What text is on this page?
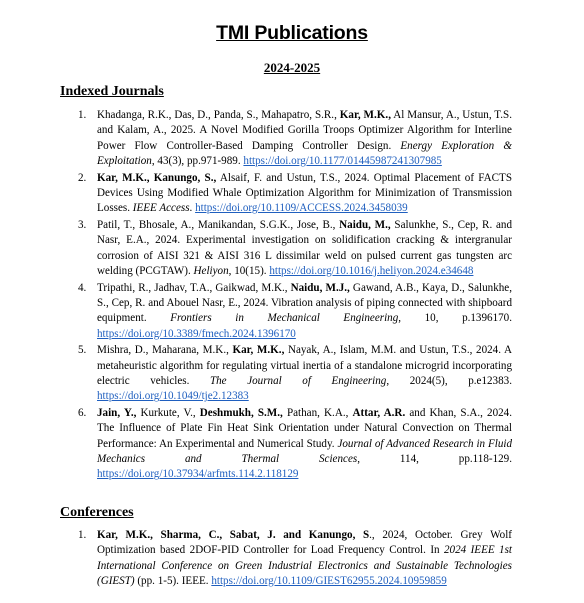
TMI Publications
2024-2025
Indexed Journals
1. Khadanga, R.K., Das, D., Panda, S., Mahapatro, S.R., Kar, M.K., Al Mansur, A., Ustun, T.S. and Kalam, A., 2025. A Novel Modified Gorilla Troops Optimizer Algorithm for Interline Power Flow Controller-Based Damping Controller Design. Energy Exploration & Exploitation, 43(3), pp.971-989. https://doi.org/10.1177/01445987241307985
2. Kar, M.K., Kanungo, S., Alsaif, F. and Ustun, T.S., 2024. Optimal Placement of FACTS Devices Using Modified Whale Optimization Algorithm for Minimization of Transmission Losses. IEEE Access. https://doi.org/10.1109/ACCESS.2024.3458039
3. Patil, T., Bhosale, A., Manikandan, S.G.K., Jose, B., Naidu, M., Salunkhe, S., Cep, R. and Nasr, E.A., 2024. Experimental investigation on solidification cracking & intergranular corrosion of AISI 321 & AISI 316 L dissimilar weld on pulsed current gas tungsten arc welding (PCGTAW). Heliyon, 10(15). https://doi.org/10.1016/j.heliyon.2024.e34648
4. Tripathi, R., Jadhav, T.A., Gaikwad, M.K., Naidu, M.J., Gawand, A.B., Kaya, D., Salunkhe, S., Cep, R. and Abouel Nasr, E., 2024. Vibration analysis of piping connected with shipboard equipment. Frontiers in Mechanical Engineering, 10, p.1396170. https://doi.org/10.3389/fmech.2024.1396170
5. Mishra, D., Maharana, M.K., Kar, M.K., Nayak, A., Islam, M.M. and Ustun, T.S., 2024. A metaheuristic algorithm for regulating virtual inertia of a standalone microgrid incorporating electric vehicles. The Journal of Engineering, 2024(5), p.e12383. https://doi.org/10.1049/tje2.12383
6. Jain, Y., Kurkute, V., Deshmukh, S.M., Pathan, K.A., Attar, A.R. and Khan, S.A., 2024. The Influence of Plate Fin Heat Sink Orientation under Natural Convection on Thermal Performance: An Experimental and Numerical Study. Journal of Advanced Research in Fluid Mechanics and Thermal Sciences, 114, pp.118-129. https://doi.org/10.37934/arfmts.114.2.118129
Conferences
1. Kar, M.K., Sharma, C., Sabat, J. and Kanungo, S., 2024, October. Grey Wolf Optimization based 2DOF-PID Controller for Load Frequency Control. In 2024 IEEE 1st International Conference on Green Industrial Electronics and Sustainable Technologies (GIEST) (pp. 1-5). IEEE. https://doi.org/10.1109/GIEST62955.2024.10959859
